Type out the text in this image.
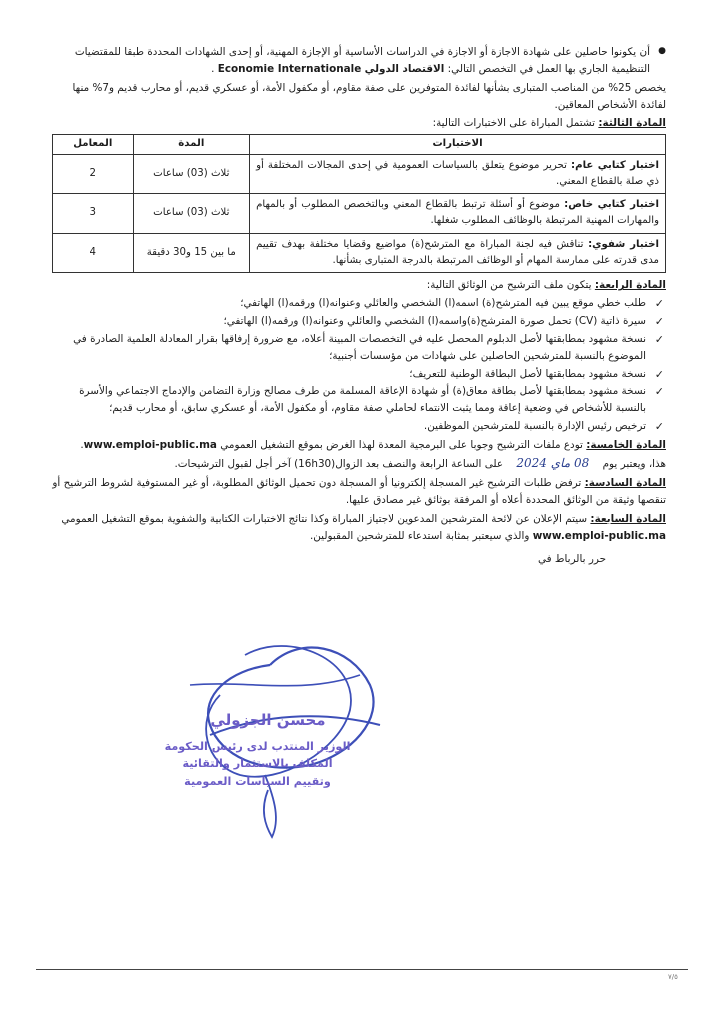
● أن يكونوا حاصلين على شهادة الاجازة أو الاجازة في الدراسات الأساسية أو الإجازة المهنية، أو إحدى الشهادات المحددة طبقا للمقتضيات التنظيمية الجاري بها العمل في التخصص التالي: الاقتصاد الدولي Economie Internationale .

يخصص 25% من المناصب المتبارى بشأنها لفائدة المتوفرين على صفة مقاوم، أو مكفول الأمة، أو عسكري قديم، أو محارب قديم و7% منها لفائدة الأشخاص المعاقين.

المادة الثالثة: تشتمل المباراة على الاختبارات التالية:

الاختبارات	المدة	المعامل
اختبار كتابي عام: تحرير موضوع يتعلق بالسياسات العمومية في إحدى المجالات المختلفة أو ذي صلة بالقطاع المعني.	ثلاث (03) ساعات	2
اختبار كتابي خاص: موضوع أو أسئلة ترتبط بالقطاع المعني وبالتخصص المطلوب أو بالمهام والمهارات المهنية المرتبطة بالوظائف المطلوب شغلها.	ثلاث (03) ساعات	3
اختبار شفوي: تناقش فيه لجنة المباراة مع المترشح(ة) مواضيع وقضايا مختلفة بهدف تقييم مدى قدرته على ممارسة المهام أو الوظائف المرتبطة بالدرجة المتبارى بشأنها.	ما بين 15 و30 دقيقة	4

المادة الرابعة: يتكون ملف الترشيح من الوثائق التالية:

✓
طلب خطي موقع يبين فيه المترشح(ة) اسمه(ا) الشخصي والعائلي وعنوانه(ا) ورقمه(ا) الهاتفي؛
✓
سيرة ذاتية (CV) تحمل صورة المترشح(ة)واسمه(ا) الشخصي والعائلي وعنوانه(ا) ورقمه(ا) الهاتفي؛
✓
نسخة مشهود بمطابقتها لأصل الدبلوم المحصل عليه في التخصصات المبينة أعلاه، مع ضرورة إرفاقها بقرار المعادلة العلمية الصادرة في الموضوع بالنسبة للمترشحين الحاصلين على شهادات من مؤسسات أجنبية؛
✓
نسخة مشهود بمطابقتها لأصل البطاقة الوطنية للتعريف؛
✓
نسخة مشهود بمطابقتها لأصل بطاقة معاق(ة) أو شهادة الإعاقة المسلمة من طرف مصالح وزارة التضامن والإدماج الاجتماعي والأسرة بالنسبة للأشخاص في وضعية إعاقة ومما يثبت الانتماء لحاملي صفة مقاوم، أو مكفول الأمة، أو عسكري سابق، أو محارب قديم؛
✓
ترخيص رئيس الإدارة بالنسبة للمترشحين الموظفين.

المادة الخامسة: تودع ملفات الترشيح وجوبا على البرمجية المعدة لهذا الغرض بموقع التشغيل العمومي www.emploi-public.ma.

هذا، ويعتبر يوم 08 ماي 2024 على الساعة الرابعة والنصف بعد الزوال(16h30) آخر أجل لقبول الترشيحات.

المادة السادسة: ترفض طلبات الترشيح غير المسجلة إلكترونيا أو المسجلة دون تحميل الوثائق المطلوبة، أو غير المستوفية لشروط الترشيح أو تنقصها وثيقة من الوثائق المحددة أعلاه أو المرفقة بوثائق غير مصادق عليها.

المادة السابعة: سيتم الإعلان عن لائحة المترشحين المدعوين لاجتياز المباراة وكذا نتائج الاختبارات الكتابية والشفوية بموقع التشغيل العمومي www.emploi-public.ma والذي سيعتبر بمثابة استدعاء للمترشحين المقبولين.

حرر بالرباط في

محسن الجزولي
الوزير المنتدب لدى رئيس الحكومة
المكلف بالاستثمار والتقائية
وتقييم السياسات العمومية
٧/٥
